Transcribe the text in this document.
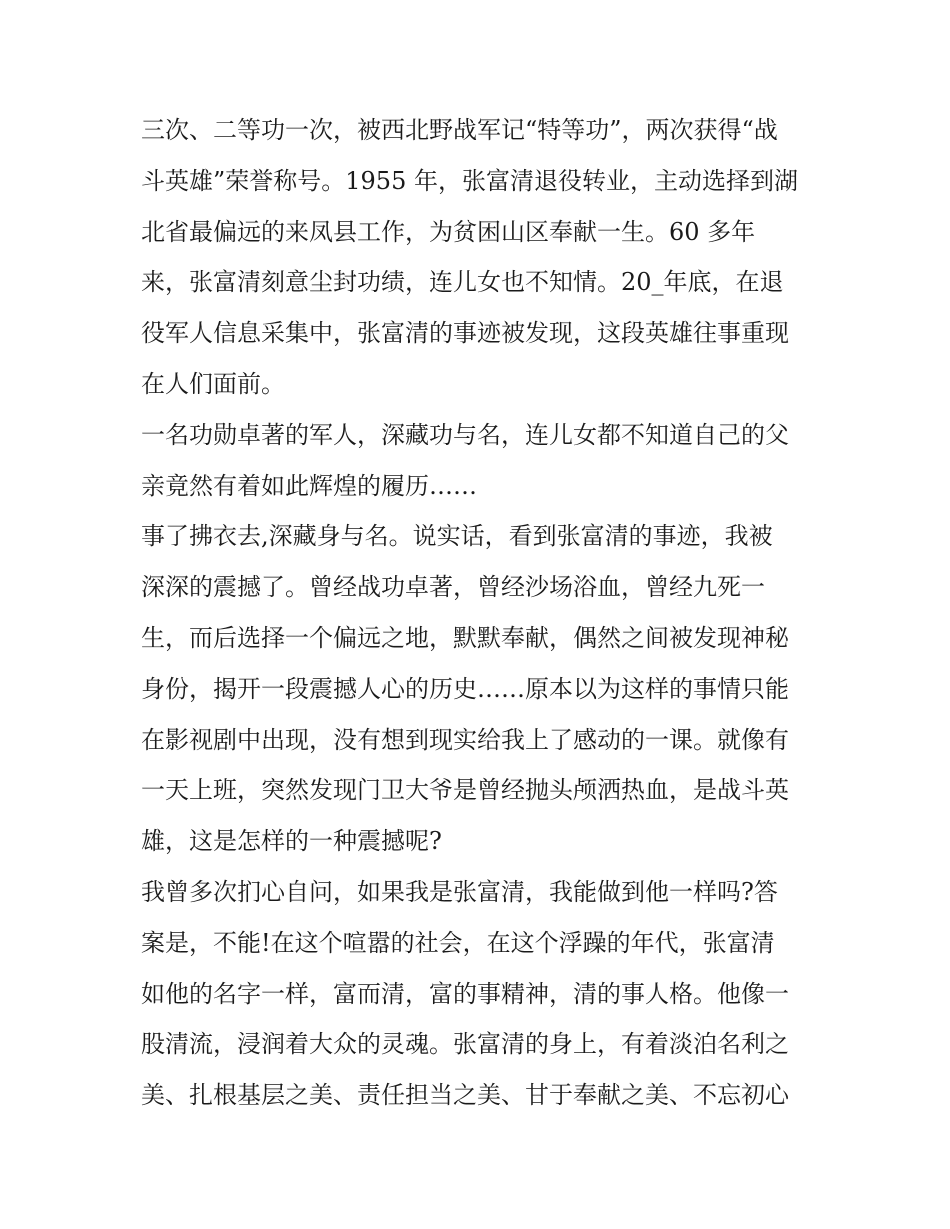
三次、二等功一次，被西北野战军记“特等功”，两次获得“战
斗英雄”荣誉称号。1955 年，张富清退役转业，主动选择到湖
北省最偏远的来凤县工作，为贫困山区奉献一生。60 多年
来，张富清刻意尘封功绩，连儿女也不知情。20_年底，在退
役军人信息采集中，张富清的事迹被发现，这段英雄往事重现
在人们面前。
一名功勋卓著的军人，深藏功与名，连儿女都不知道自己的父
亲竟然有着如此辉煌的履历……
事了拂衣去,深藏身与名。说实话，看到张富清的事迹，我被
深深的震撼了。曾经战功卓著，曾经沙场浴血，曾经九死一
生，而后选择一个偏远之地，默默奉献，偶然之间被发现神秘
身份，揭开一段震撼人心的历史……原本以为这样的事情只能
在影视剧中出现，没有想到现实给我上了感动的一课。就像有
一天上班，突然发现门卫大爷是曾经抛头颅洒热血，是战斗英
雄，这是怎样的一种震撼呢?
我曾多次扪心自问，如果我是张富清，我能做到他一样吗?答
案是，不能!在这个喧嚣的社会，在这个浮躁的年代，张富清
如他的名字一样，富而清，富的事精神，清的事人格。他像一
股清流，浸润着大众的灵魂。张富清的身上，有着淡泊名利之
美、扎根基层之美、责任担当之美、甘于奉献之美、不忘初心
